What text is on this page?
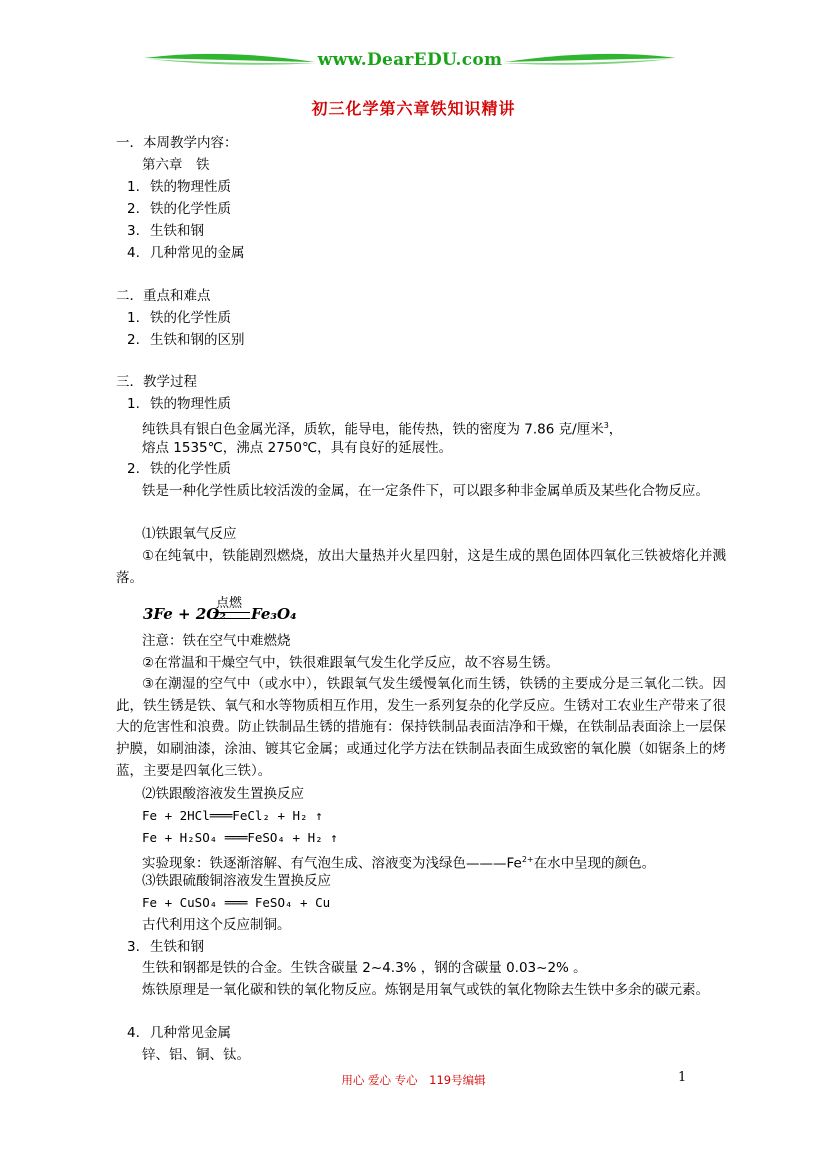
www.DearEDU.com
初三化学第六章铁知识精讲
一．本周教学内容：
第六章　铁
1. 铁的物理性质
2. 铁的化学性质
3. 生铁和钢
4. 几种常见的金属
二．重点和难点
1. 铁的化学性质
2. 生铁和钢的区别
三．教学过程
1. 铁的物理性质
纯铁具有银白色金属光泽，质软，能导电，能传热，铁的密度为 7.86 克/厘米$^3$，
熔点 1535℃，沸点 2750℃，具有良好的延展性。
2. 铁的化学性质
铁是一种化学性质比较活泼的金属，在一定条件下，可以跟多种非金属单质及某些化合物反应。
⑴铁跟氧气反应
①在纯氧中，铁能剧烈燃烧，放出大量热并火星四射，这是生成的黑色固体四氧化三铁被熔化并溅落。
3Fe + 2O₂
点燃
Fe₃O₄
注意：铁在空气中难燃烧
②在常温和干燥空气中，铁很难跟氧气发生化学反应，故不容易生锈。
③在潮湿的空气中（或水中），铁跟氧气发生缓慢氧化而生锈，铁锈的主要成分是三氧化二铁。因此，铁生锈是铁、氧气和水等物质相互作用，发生一系列复杂的化学反应。生锈对工农业生产带来了很大的危害性和浪费。防止铁制品生锈的措施有：保持铁制品表面洁净和干燥，在铁制品表面涂上一层保护膜，如刷油漆，涂油、镀其它金属；或通过化学方法在铁制品表面生成致密的氧化膜（如锯条上的烤蓝，主要是四氧化三铁）。
⑵铁跟酸溶液发生置换反应
Fe + 2HCl═══FeCl₂ + H₂ ↑
Fe + H₂SO₄ ═══FeSO₄ + H₂ ↑
实验现象：铁逐渐溶解、有气泡生成、溶液变为浅绿色$———Fe^{2+}$在水中呈现的颜色。
⑶铁跟硫酸铜溶液发生置换反应
Fe + CuSO₄ ═══ FeSO₄ + Cu
古代利用这个反应制铜。
3. 生铁和钢
生铁和钢都是铁的合金。生铁含碳量 2~4.3% ，钢的含碳量 0.03~2% 。
炼铁原理是一氧化碳和铁的氧化物反应。炼钢是用氧气或铁的氧化物除去生铁中多余的碳元素。
4. 几种常见金属
锌、铝、铜、钛。
用心 爱心 专心　119号编辑	1
